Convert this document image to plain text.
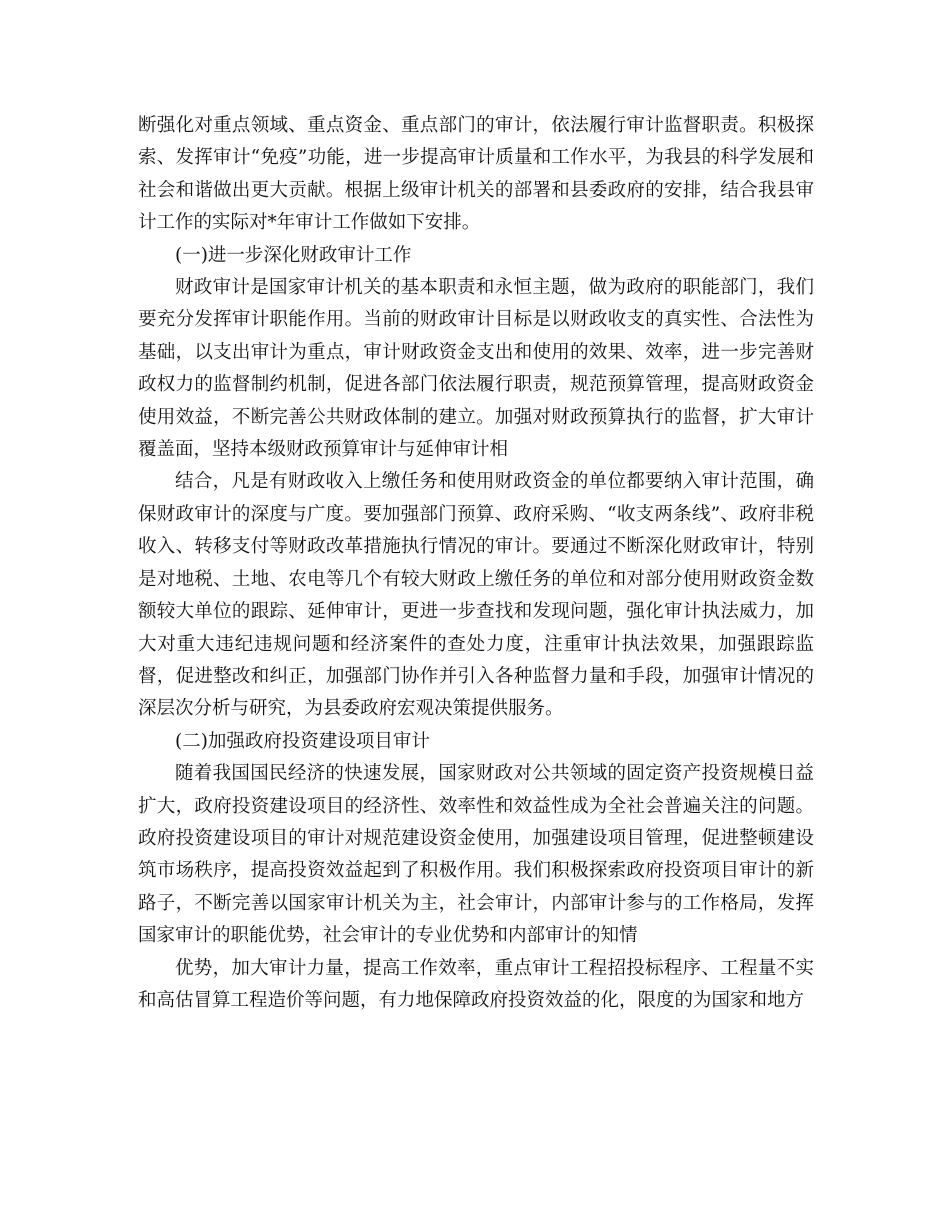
断强化对重点领域、重点资金、重点部门的审计，依法履行审计监督职责。积极探索、发挥审计“免疫”功能，进一步提高审计质量和工作水平，为我县的科学发展和社会和谐做出更大贡献。根据上级审计机关的部署和县委政府的安排，结合我县审计工作的实际对*年审计工作做如下安排。

(一)进一步深化财政审计工作

财政审计是国家审计机关的基本职责和永恒主题，做为政府的职能部门，我们要充分发挥审计职能作用。当前的财政审计目标是以财政收支的真实性、合法性为基础，以支出审计为重点，审计财政资金支出和使用的效果、效率，进一步完善财政权力的监督制约机制，促进各部门依法履行职责，规范预算管理，提高财政资金使用效益，不断完善公共财政体制的建立。加强对财政预算执行的监督，扩大审计覆盖面，坚持本级财政预算审计与延伸审计相

结合，凡是有财政收入上缴任务和使用财政资金的单位都要纳入审计范围，确保财政审计的深度与广度。要加强部门预算、政府采购、“收支两条线”、政府非税收入、转移支付等财政改革措施执行情况的审计。要通过不断深化财政审计，特别是对地税、土地、农电等几个有较大财政上缴任务的单位和对部分使用财政资金数额较大单位的跟踪、延伸审计，更进一步查找和发现问题，强化审计执法威力，加大对重大违纪违规问题和经济案件的查处力度，注重审计执法效果，加强跟踪监督，促进整改和纠正，加强部门协作并引入各种监督力量和手段，加强审计情况的深层次分析与研究，为县委政府宏观决策提供服务。

(二)加强政府投资建设项目审计

随着我国国民经济的快速发展，国家财政对公共领域的固定资产投资规模日益扩大，政府投资建设项目的经济性、效率性和效益性成为全社会普遍关注的问题。政府投资建设项目的审计对规范建设资金使用，加强建设项目管理，促进整顿建设筑市场秩序，提高投资效益起到了积极作用。我们积极探索政府投资项目审计的新路子，不断完善以国家审计机关为主，社会审计，内部审计参与的工作格局，发挥国家审计的职能优势，社会审计的专业优势和内部审计的知情

优势，加大审计力量，提高工作效率，重点审计工程招投标程序、工程量不实和高估冒算工程造价等问题，有力地保障政府投资效益的化，限度的为国家和地方
